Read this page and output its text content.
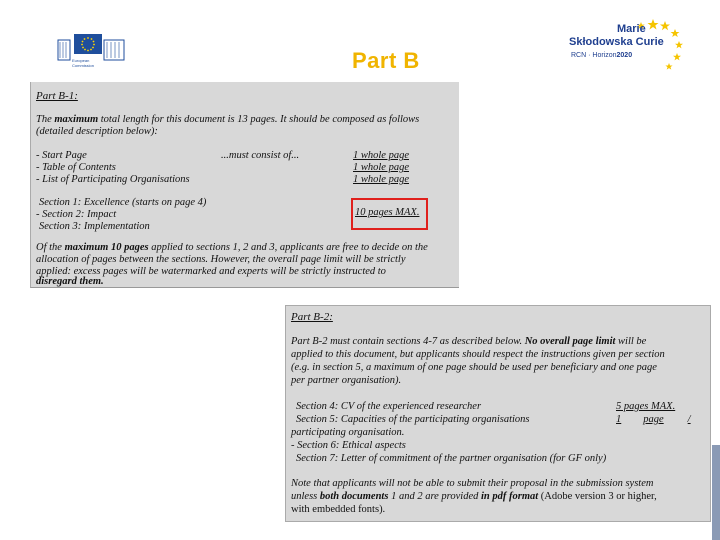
European
Commission	Part B
Marie
Skłodowska Curie
RCN · Horizon2020
Part B-1:
The maximum total length for this document is 13 pages. It should be composed as follows
(detailed description below):
- Start Page	...must consist of...	1 whole page
- Table of Contents	1 whole page
- List of Participating Organisations	1 whole page
Section 1: Excellence (starts on page 4)
- Section 2: Impact
Section 3: Implementation
10 pages MAX.
Of the maximum 10 pages applied to sections 1, 2 and 3, applicants are free to decide on the
allocation of pages between the sections. However, the overall page limit will be strictly
applied: excess pages will be watermarked and experts will be strictly instructed to
disregard them.
Part B-2:
Part B-2 must contain sections 4-7 as described below. No overall page limit will be
applied to this document, but applicants should respect the instructions given per section
(e.g. in section 5, a maximum of one page should be used per beneficiary and one page
per partner organisation).
Section 4: CV of the experienced researcher	5 pages MAX.
Section 5: Capacities of the participating organisations	1 page /
participating organisation.
- Section 6: Ethical aspects
Section 7: Letter of commitment of the partner organisation (for GF only)
Note that applicants will not be able to submit their proposal in the submission system
unless both documents 1 and 2 are provided in pdf format (Adobe version 3 or higher,
with embedded fonts).
